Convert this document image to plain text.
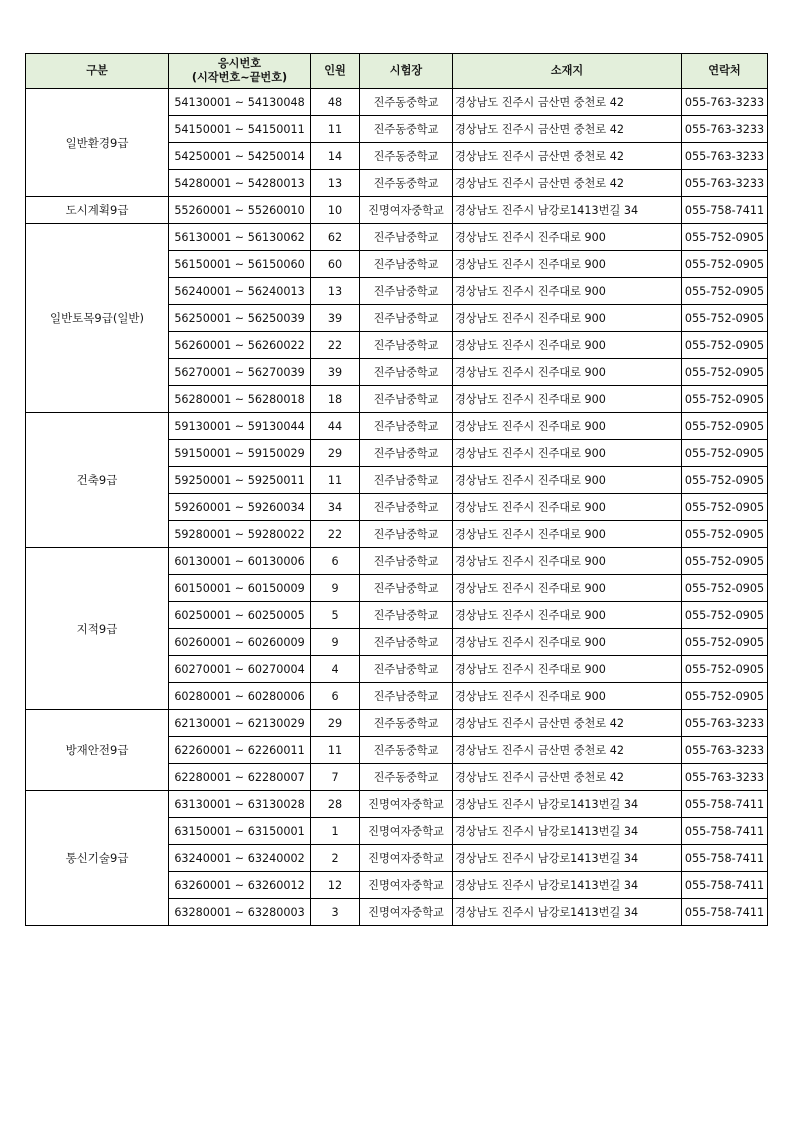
구분	응시번호
(시작번호~끝번호)	인원	시험장	소재지	연락처
일반환경9급	54130001 ~ 54130048	48	진주동중학교	경상남도 진주시 금산면 중천로 42	055-763-3233
	54150001 ~ 54150011	11	진주동중학교	경상남도 진주시 금산면 중천로 42	055-763-3233
	54250001 ~ 54250014	14	진주동중학교	경상남도 진주시 금산면 중천로 42	055-763-3233
	54280001 ~ 54280013	13	진주동중학교	경상남도 진주시 금산면 중천로 42	055-763-3233
도시계획9급	55260001 ~ 55260010	10	진명여자중학교	경상남도 진주시 남강로1413번길 34	055-758-7411
일반토목9급(일반)	56130001 ~ 56130062	62	진주남중학교	경상남도 진주시 진주대로 900	055-752-0905
	56150001 ~ 56150060	60	진주남중학교	경상남도 진주시 진주대로 900	055-752-0905
	56240001 ~ 56240013	13	진주남중학교	경상남도 진주시 진주대로 900	055-752-0905
	56250001 ~ 56250039	39	진주남중학교	경상남도 진주시 진주대로 900	055-752-0905
	56260001 ~ 56260022	22	진주남중학교	경상남도 진주시 진주대로 900	055-752-0905
	56270001 ~ 56270039	39	진주남중학교	경상남도 진주시 진주대로 900	055-752-0905
	56280001 ~ 56280018	18	진주남중학교	경상남도 진주시 진주대로 900	055-752-0905
건축9급	59130001 ~ 59130044	44	진주남중학교	경상남도 진주시 진주대로 900	055-752-0905
	59150001 ~ 59150029	29	진주남중학교	경상남도 진주시 진주대로 900	055-752-0905
	59250001 ~ 59250011	11	진주남중학교	경상남도 진주시 진주대로 900	055-752-0905
	59260001 ~ 59260034	34	진주남중학교	경상남도 진주시 진주대로 900	055-752-0905
	59280001 ~ 59280022	22	진주남중학교	경상남도 진주시 진주대로 900	055-752-0905
지적9급	60130001 ~ 60130006	6	진주남중학교	경상남도 진주시 진주대로 900	055-752-0905
	60150001 ~ 60150009	9	진주남중학교	경상남도 진주시 진주대로 900	055-752-0905
	60250001 ~ 60250005	5	진주남중학교	경상남도 진주시 진주대로 900	055-752-0905
	60260001 ~ 60260009	9	진주남중학교	경상남도 진주시 진주대로 900	055-752-0905
	60270001 ~ 60270004	4	진주남중학교	경상남도 진주시 진주대로 900	055-752-0905
	60280001 ~ 60280006	6	진주남중학교	경상남도 진주시 진주대로 900	055-752-0905
방재안전9급	62130001 ~ 62130029	29	진주동중학교	경상남도 진주시 금산면 중천로 42	055-763-3233
	62260001 ~ 62260011	11	진주동중학교	경상남도 진주시 금산면 중천로 42	055-763-3233
	62280001 ~ 62280007	7	진주동중학교	경상남도 진주시 금산면 중천로 42	055-763-3233
통신기술9급	63130001 ~ 63130028	28	진명여자중학교	경상남도 진주시 남강로1413번길 34	055-758-7411
	63150001 ~ 63150001	1	진명여자중학교	경상남도 진주시 남강로1413번길 34	055-758-7411
	63240001 ~ 63240002	2	진명여자중학교	경상남도 진주시 남강로1413번길 34	055-758-7411
	63260001 ~ 63260012	12	진명여자중학교	경상남도 진주시 남강로1413번길 34	055-758-7411
	63280001 ~ 63280003	3	진명여자중학교	경상남도 진주시 남강로1413번길 34	055-758-7411
